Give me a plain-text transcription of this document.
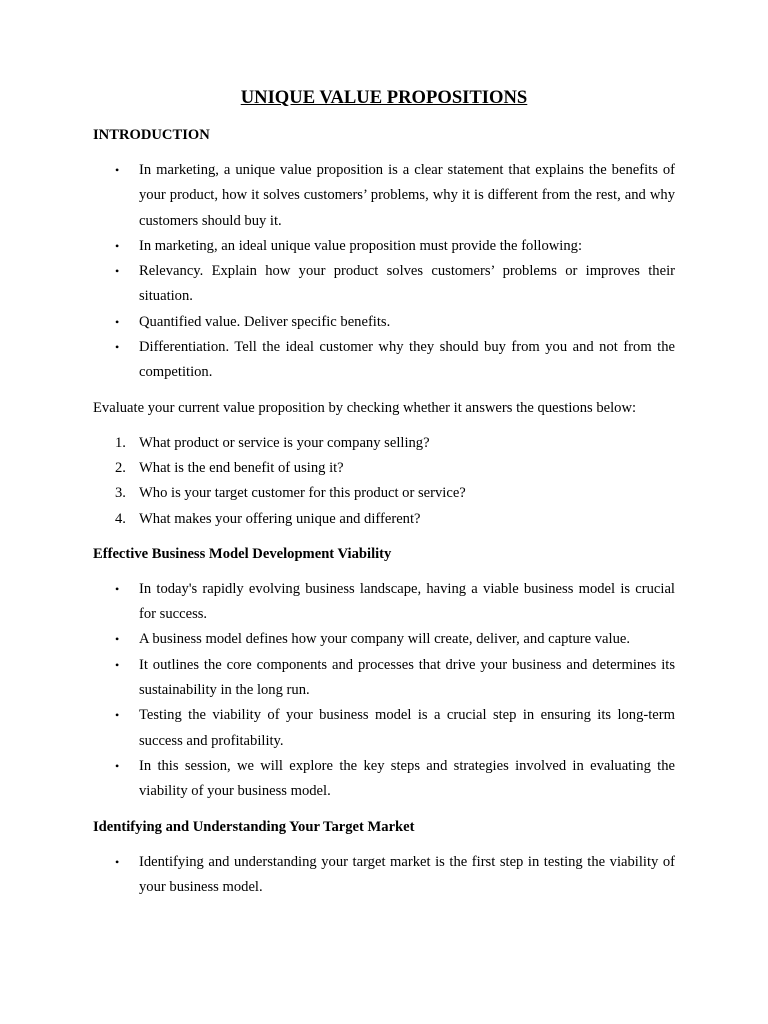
UNIQUE VALUE PROPOSITIONS
INTRODUCTION
• In marketing, a unique value proposition is a clear statement that explains the benefits of your product, how it solves customers’ problems, why it is different from the rest, and why customers should buy it.
• In marketing, an ideal unique value proposition must provide the following:
• Relevancy. Explain how your product solves customers’ problems or improves their situation.
• Quantified value. Deliver specific benefits.
• Differentiation. Tell the ideal customer why they should buy from you and not from the competition.
Evaluate your current value proposition by checking whether it answers the questions below:
1. What product or service is your company selling?
2. What is the end benefit of using it?
3. Who is your target customer for this product or service?
4. What makes your offering unique and different?
Effective Business Model Development Viability
• In today's rapidly evolving business landscape, having a viable business model is crucial for success.
• A business model defines how your company will create, deliver, and capture value.
• It outlines the core components and processes that drive your business and determines its sustainability in the long run.
• Testing the viability of your business model is a crucial step in ensuring its long-term success and profitability.
• In this session, we will explore the key steps and strategies involved in evaluating the viability of your business model.
Identifying and Understanding Your Target Market
• Identifying and understanding your target market is the first step in testing the viability of your business model.
